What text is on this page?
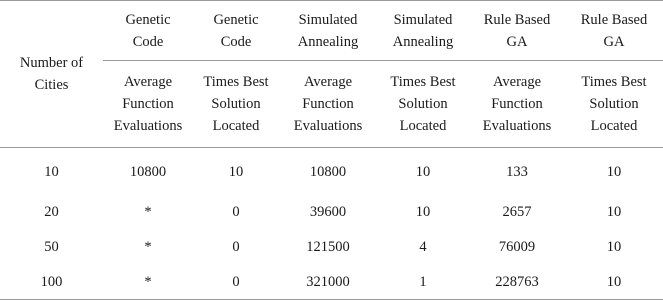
Number of Cities	Genetic Code	Genetic Code	Simulated Annealing	Simulated Annealing	Rule Based GA	Rule Based GA
	Average Function Evaluations	Times Best Solution Located	Average Function Evaluations	Times Best Solution Located	Average Function Evaluations	Times Best Solution Located
10	10800	10	10800	10	133	10
20	*	0	39600	10	2657	10
50	*	0	121500	4	76009	10
100	*	0	321000	1	228763	10
